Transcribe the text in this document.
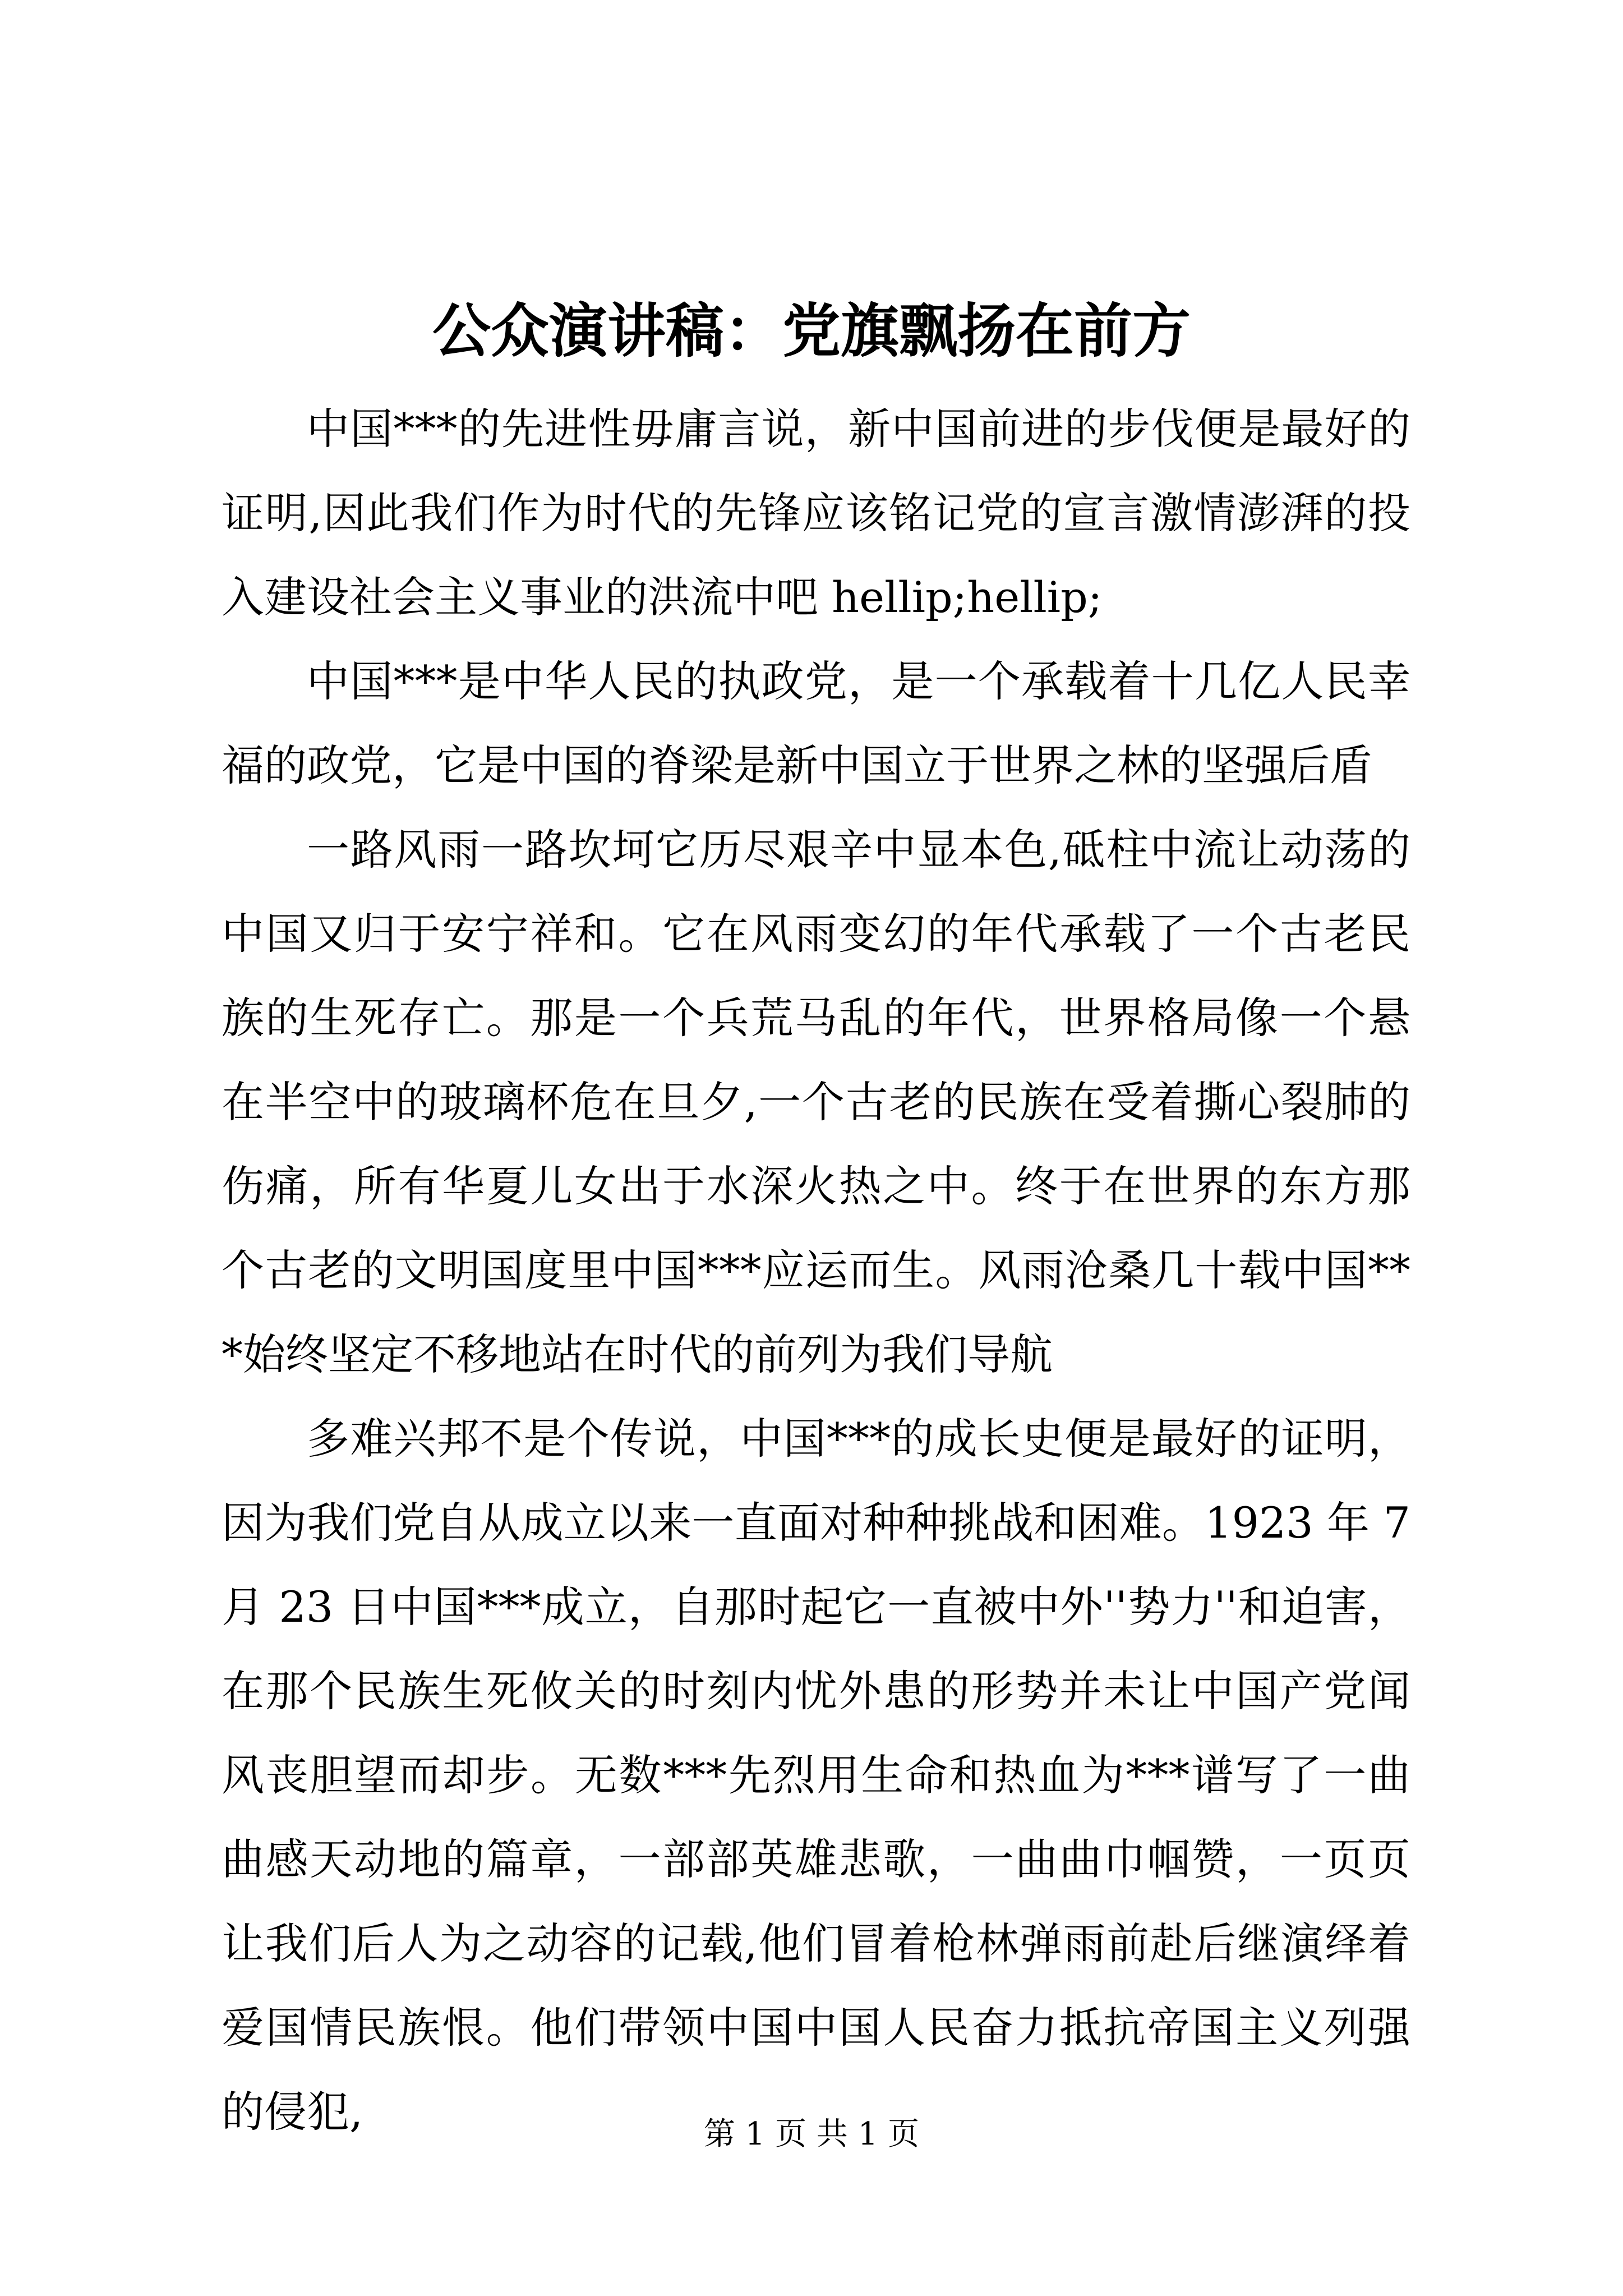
公众演讲稿：党旗飘扬在前方

中国***的先进性毋庸言说，新中国前进的步伐便是最好的证明,因此我们作为时代的先锋应该铭记党的宣言激情澎湃的投入建设社会主义事业的洪流中吧 hellip;hellip;

中国***是中华人民的执政党，是一个承载着十几亿人民幸福的政党，它是中国的脊梁是新中国立于世界之林的坚强后盾

一路风雨一路坎坷它历尽艰辛中显本色,砥柱中流让动荡的中国又归于安宁祥和。它在风雨变幻的年代承载了一个古老民族的生死存亡。那是一个兵荒马乱的年代，世界格局像一个悬在半空中的玻璃杯危在旦夕,一个古老的民族在受着撕心裂肺的伤痛，所有华夏儿女出于水深火热之中。终于在世界的东方那个古老的文明国度里中国***应运而生。风雨沧桑几十载中国***始终坚定不移地站在时代的前列为我们导航

多难兴邦不是个传说，中国***的成长史便是最好的证明，因为我们党自从成立以来一直面对种种挑战和困难。1923 年 7 月 23 日中国***成立，自那时起它一直被中外''势力''和迫害，在那个民族生死攸关的时刻内忧外患的形势并未让中国产党闻风丧胆望而却步。无数***先烈用生命和热血为***谱写了一曲曲感天动地的篇章，一部部英雄悲歌，一曲曲巾帼赞，一页页让我们后人为之动容的记载,他们冒着枪林弹雨前赴后继演绎着爱国情民族恨。他们带领中国中国人民奋力抵抗帝国主义列强的侵犯,	第 1 页 共 1 页
